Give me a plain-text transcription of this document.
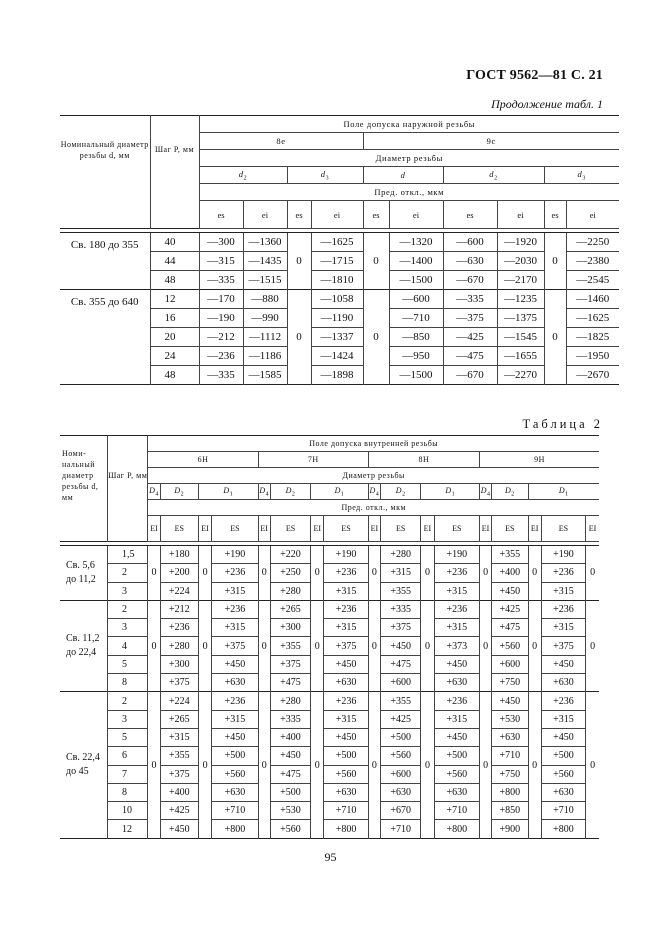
ГОСТ 9562—81 С. 21
Продолжение табл. 1
Номинальный диаметр резьбы d, мм	Шаг P, мм	Поле допуска наружной резьбы									
		8e				9c					
		Диаметр резьбы									
		$d_2$		$d_3$		d		$d_2$		$d_3$
		Пред. откл., мкм									
		es	ei	es	ei	es	ei	es	ei	es	ei

Св. 180 до 355	40	—300	—1360	0	—1625	0	—1320	—600	—1920	0	—2250
	44	—315	—1435		—1715		—1400	—630	—2030		—2380
	48	—335	—1515		—1810		—1500	—670	—2170		—2545
Св. 355 до 640	12	—170	—880	0	—1058	0	—600	—335	—1235	0	—1460
	16	—190	—990		—1190		—710	—375	—1375		—1625
	20	—212	—1112		—1337		—850	—425	—1545		—1825
	24	—236	—1186		—1424		—950	—475	—1655		—1950
	48	—335	—1585		—1898		—1500	—670	—2270		—2670
Таблица 2
Номи-нальный диаметр резьбы d, мм	Шаг P, мм	Поле допуска внутренней резьбы																
		6H				7H				8H				9H				
		Диаметр резьбы																
		$D_4$	$D_2$	$D_1$		$D_4$	$D_2$	$D_1$		$D_4$	$D_2$	$D_1$		$D_4$	$D_2$	$D_1$
		Пред. откл., мкм																
		EI	ES	EI	ES	EI	ES	EI	ES	EI	ES	EI	ES	EI	ES	EI	ES	EI

Св. 5,6 до 11,2	1,5	0	+180	0	+190	0	+220	0	+190	0	+280	0	+190	0	+355	0	+190	0
	2		+200		+236		+250		+236		+315		+236		+400		+236	
	3		+224		+315		+280		+315		+355		+315		+450		+315	
Св. 11,2 до 22,4	2	0	+212	0	+236	0	+265	0	+236	0	+335	0	+236	0	+425	0	+236	0
	3		+236		+315		+300		+315		+375		+315		+475		+315	
	4		+280		+375		+355		+375		+450		+373		+560		+375	
	5		+300		+450		+375		+450		+475		+450		+600		+450	
	8		+375		+630		+475		+630		+600		+630		+750		+630	
Св. 22,4 до 45	2	0	+224	0	+236	0	+280	0	+236	0	+355	0	+236	0	+450	0	+236	0
	3		+265		+315		+335		+315		+425		+315		+530		+315	
	5		+315		+450		+400		+450		+500		+450		+630		+450	
	6		+355		+500		+450		+500		+560		+500		+710		+500	
	7		+375		+560		+475		+560		+600		+560		+750		+560	
	8		+400		+630		+500		+630		+630		+630		+800		+630	
	10		+425		+710		+530		+710		+670		+710		+850		+710	
	12		+450		+800		+560		+800		+710		+800		+900		+800	
95
